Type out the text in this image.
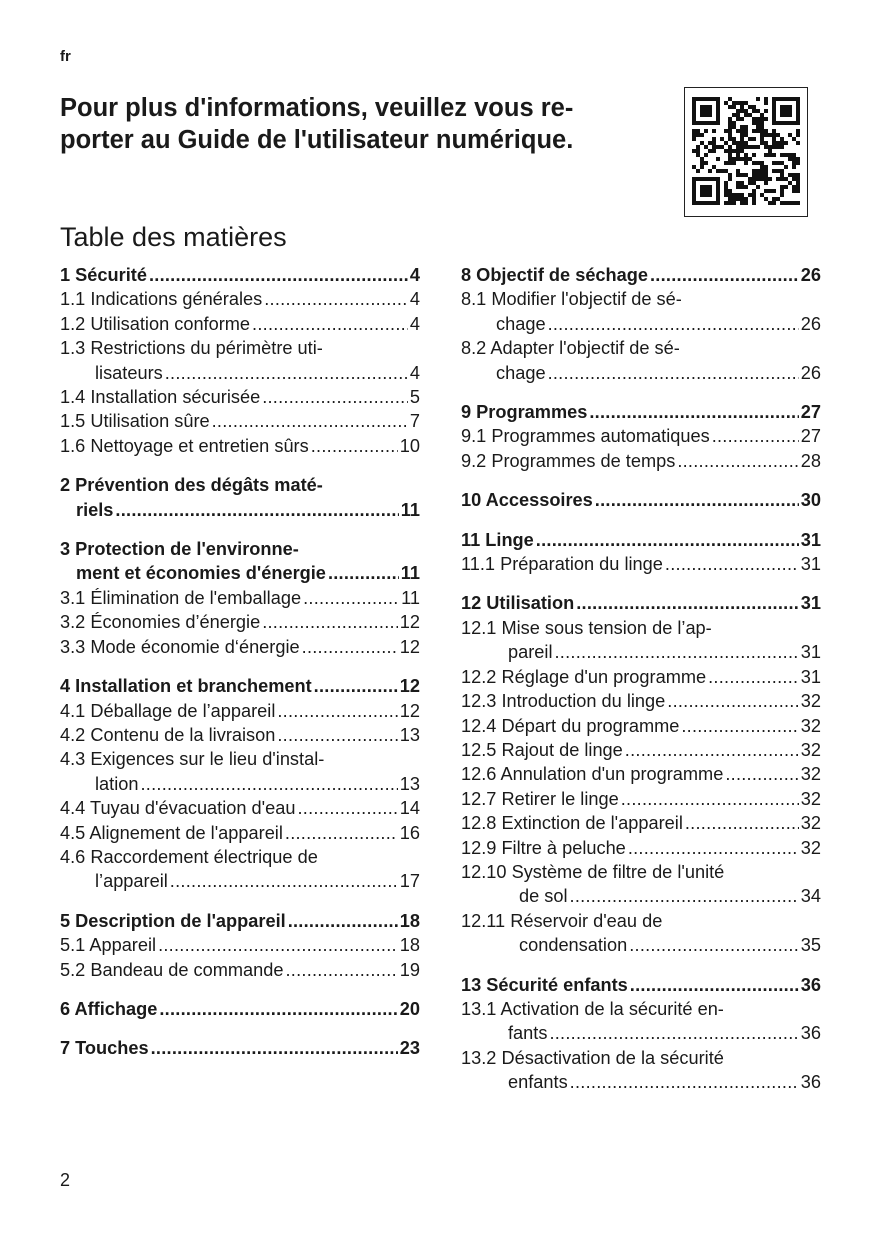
fr
Pour plus d'informations, veuillez vous re-
porter au Guide de l'utilisateur numérique.
Table des matières
1 Sécurité . . .	4
1.1 Indications générales . . .	4
1.2 Utilisation conforme . . .	4
1.3 Restrictions du périmètre uti-
lisateurs . . .	4
1.4 Installation sécurisée . . .	5
1.5 Utilisation sûre . . .	7
1.6 Nettoyage et entretien sûrs . . .	10
2 Prévention des dégâts maté-
riels . . .	11
3 Protection de l'environne-
ment et économies d'énergie . . .	11
3.1 Élimination de l'emballage . . .	11
3.2 Économies d’énergie . . .	12
3.3 Mode économie d‘énergie . . .	12
4 Installation et branchement . . .	12
4.1 Déballage de l’appareil . . .	12
4.2 Contenu de la livraison . . .	13
4.3 Exigences sur le lieu d'instal-
lation . . .	13
4.4 Tuyau d'évacuation d'eau . . .	14
4.5 Alignement de l'appareil . . .	16
4.6 Raccordement électrique de
l’appareil . . .	17
5 Description de l'appareil . . .	18
5.1 Appareil . . .	18
5.2 Bandeau de commande . . .	19
6 Affichage . . .	20
7 Touches . . .	23
8 Objectif de séchage . . .	26
8.1 Modifier l'objectif de sé-
chage . . .	26
8.2 Adapter l'objectif de sé-
chage . . .	26
9 Programmes . . .	27
9.1 Programmes automatiques . . .	27
9.2 Programmes de temps . . .	28
10 Accessoires . . .	30
11 Linge . . .	31
11.1 Préparation du linge . . .	31
12 Utilisation . . .	31
12.1 Mise sous tension de l’ap-
pareil . . .	31
12.2 Réglage d'un programme . . .	31
12.3 Introduction du linge . . .	32
12.4 Départ du programme . . .	32
12.5 Rajout de linge . . .	32
12.6 Annulation d'un programme . . .	32
12.7 Retirer le linge . . .	32
12.8 Extinction de l'appareil . . .	32
12.9 Filtre à peluche . . .	32
12.10 Système de filtre de l'unité
de sol . . .	34
12.11 Réservoir d'eau de
condensation . . .	35
13 Sécurité enfants . . .	36
13.1 Activation de la sécurité en-
fants . . .	36
13.2 Désactivation de la sécurité
enfants . . .	36
2
